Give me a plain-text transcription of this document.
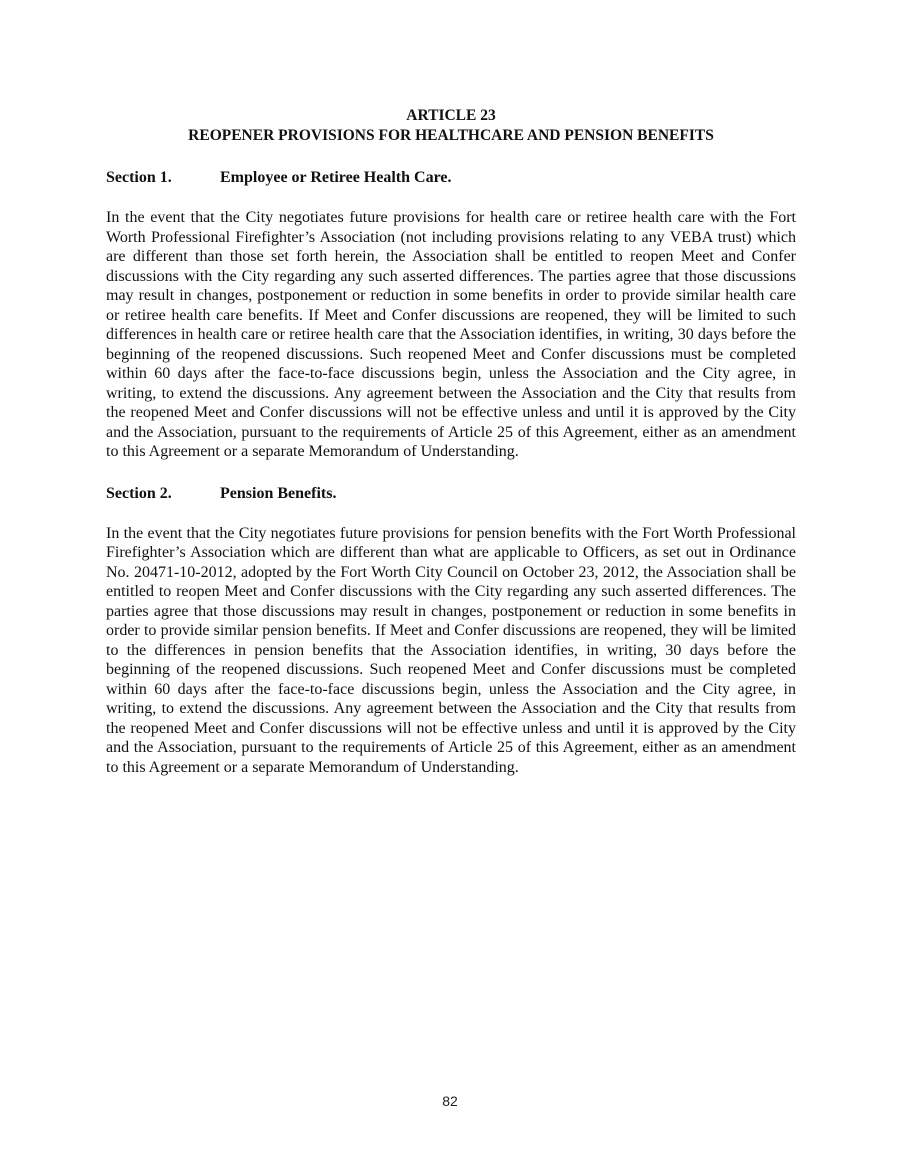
ARTICLE 23
REOPENER PROVISIONS FOR HEALTHCARE AND PENSION BENEFITS
Section 1.	Employee or Retiree Health Care.

In the event that the City negotiates future provisions for health care or retiree health care with the Fort Worth Professional Firefighter’s Association (not including provisions relating to any VEBA trust) which are different than those set forth herein, the Association shall be entitled to reopen Meet and Confer discussions with the City regarding any such asserted differences. The parties agree that those discussions may result in changes, postponement or reduction in some benefits in order to provide similar health care or retiree health care benefits. If Meet and Confer discussions are reopened, they will be limited to such differences in health care or retiree health care that the Association identifies, in writing, 30 days before the beginning of the reopened discussions. Such reopened Meet and Confer discussions must be completed within 60 days after the face-to-face discussions begin, unless the Association and the City agree, in writing, to extend the discussions. Any agreement between the Association and the City that results from the reopened Meet and Confer discussions will not be effective unless and until it is approved by the City and the Association, pursuant to the requirements of Article 25 of this Agreement, either as an amendment to this Agreement or a separate Memorandum of Understanding.

Section 2.	Pension Benefits.

In the event that the City negotiates future provisions for pension benefits with the Fort Worth Professional Firefighter’s Association which are different than what are applicable to Officers, as set out in Ordinance No. 20471-10-2012, adopted by the Fort Worth City Council on October 23, 2012, the Association shall be entitled to reopen Meet and Confer discussions with the City regarding any such asserted differences. The parties agree that those discussions may result in changes, postponement or reduction in some benefits in order to provide similar pension benefits. If Meet and Confer discussions are reopened, they will be limited to the differences in pension benefits that the Association identifies, in writing, 30 days before the beginning of the reopened discussions. Such reopened Meet and Confer discussions must be completed within 60 days after the face-to-face discussions begin, unless the Association and the City agree, in writing, to extend the discussions. Any agreement between the Association and the City that results from the reopened Meet and Confer discussions will not be effective unless and until it is approved by the City and the Association, pursuant to the requirements of Article 25 of this Agreement, either as an amendment to this Agreement or a separate Memorandum of Understanding.

82
